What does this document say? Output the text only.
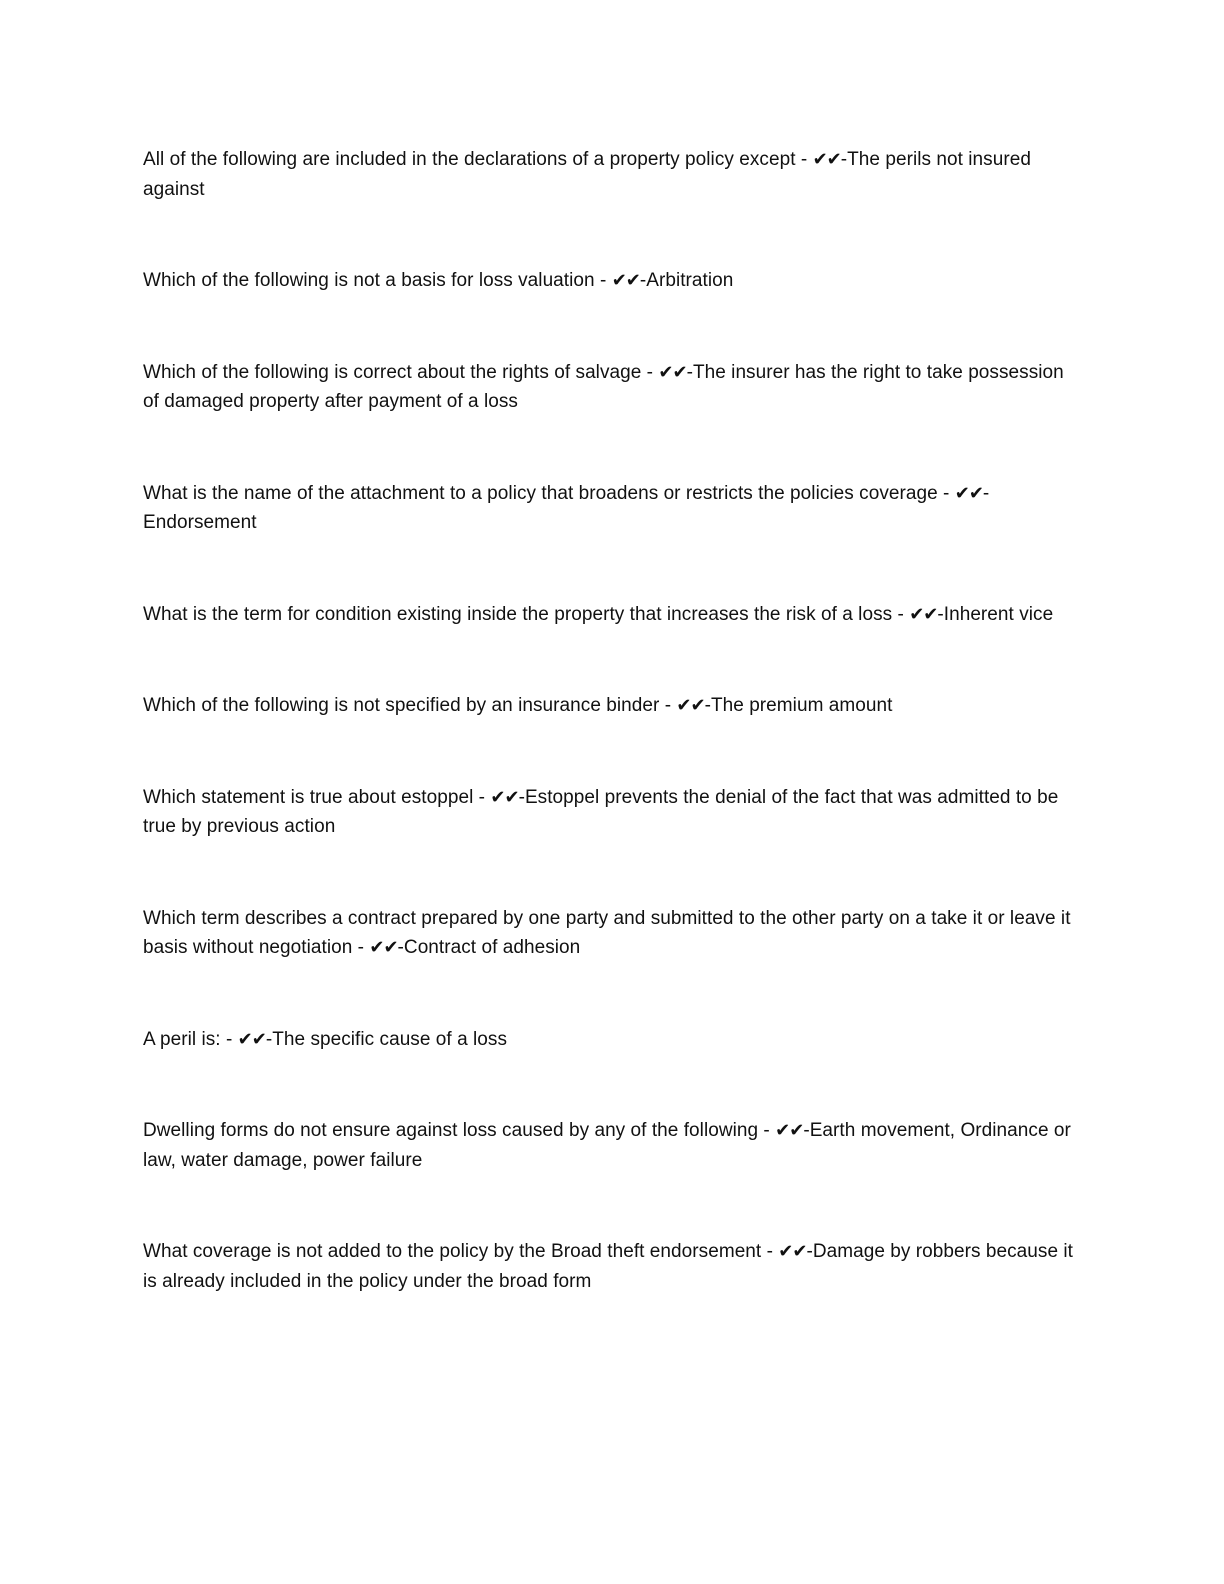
All of the following are included in the declarations of a property policy except - ✔✔-The perils not insured against
Which of the following is not a basis for loss valuation - ✔✔-Arbitration
Which of the following is correct about the rights of salvage - ✔✔-The insurer has the right to take possession of damaged property after payment of a loss
What is the name of the attachment to a policy that broadens or restricts the policies coverage - ✔✔-Endorsement
What is the term for condition existing inside the property that increases the risk of a loss - ✔✔-Inherent vice
Which of the following is not specified by an insurance binder - ✔✔-The premium amount
Which statement is true about estoppel - ✔✔-Estoppel prevents the denial of the fact that was admitted to be true by previous action
Which term describes a contract prepared by one party and submitted to the other party on a take it or leave it basis without negotiation - ✔✔-Contract of adhesion
A peril is: - ✔✔-The specific cause of a loss
Dwelling forms do not ensure against loss caused by any of the following - ✔✔-Earth movement, Ordinance or law, water damage, power failure
What coverage is not added to the policy by the Broad theft endorsement - ✔✔-Damage by robbers because it is already included in the policy under the broad form
